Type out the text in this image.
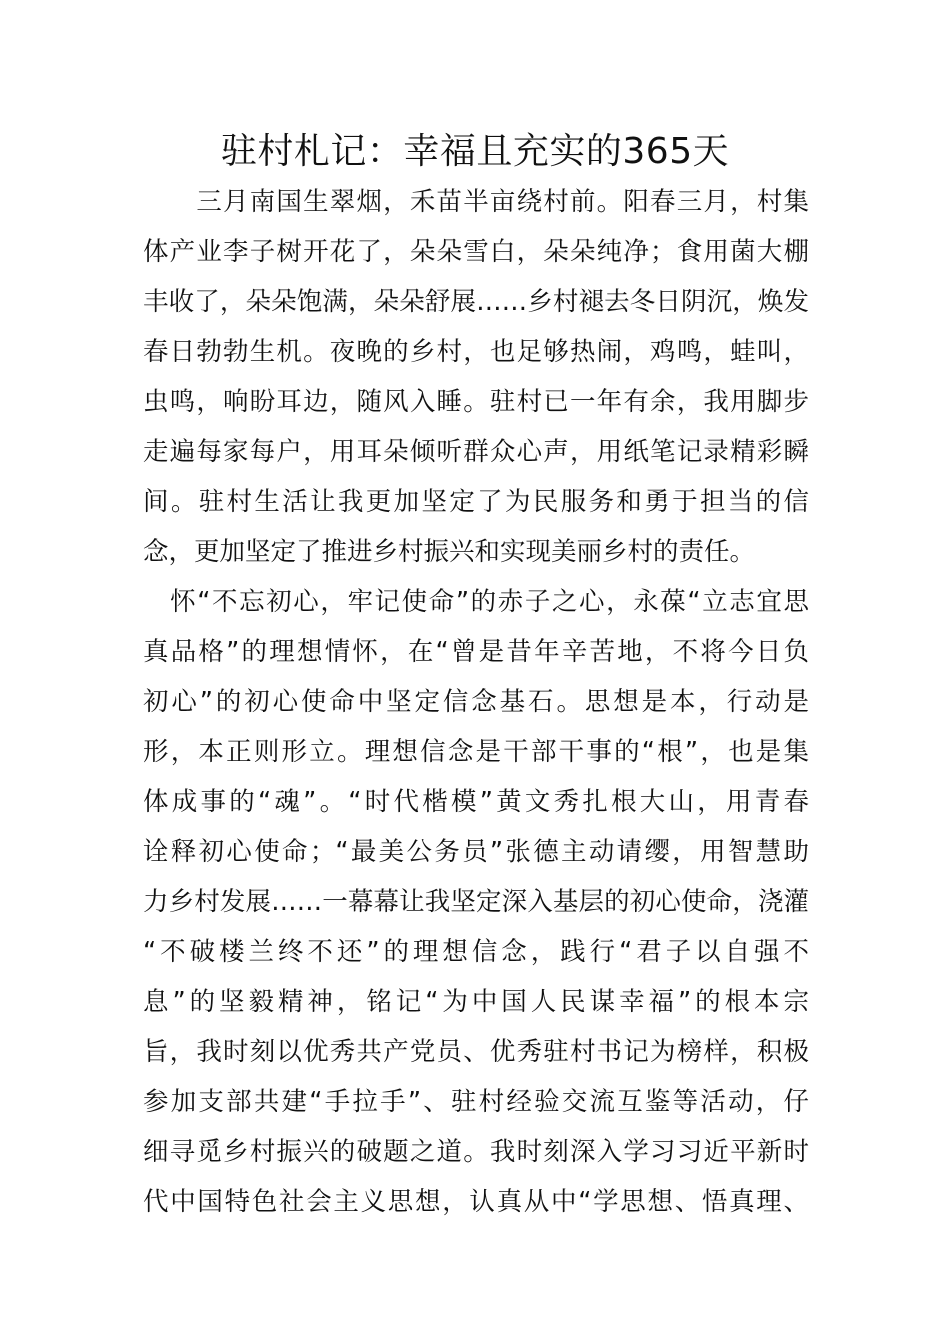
驻村札记：幸福且充实的365天
　　三月南国生翠烟，禾苗半亩绕村前。阳春三月，村集
体产业李子树开花了，朵朵雪白，朵朵纯净；食用菌大棚
丰收了，朵朵饱满，朵朵舒展……乡村褪去冬日阴沉，焕发
春日勃勃生机。夜晚的乡村，也足够热闹，鸡鸣，蛙叫，
虫鸣，响盼耳边，随风入睡。驻村已一年有余，我用脚步
走遍每家每户，用耳朵倾听群众心声，用纸笔记录精彩瞬
间。驻村生活让我更加坚定了为民服务和勇于担当的信
念，更加坚定了推进乡村振兴和实现美丽乡村的责任。
　怀“不忘初心，牢记使命”的赤子之心，永葆“立志宜思
真品格”的理想情怀，在“曾是昔年辛苦地，不将今日负
初心”的初心使命中坚定信念基石。思想是本，行动是
形，本正则形立。理想信念是干部干事的“根”，也是集
体成事的“魂”。“时代楷模”黄文秀扎根大山，用青春
诠释初心使命；“最美公务员”张德主动请缨，用智慧助
力乡村发展……一幕幕让我坚定深入基层的初心使命，浇灌
“不破楼兰终不还”的理想信念，践行“君子以自强不
息”的坚毅精神，铭记“为中国人民谋幸福”的根本宗
旨，我时刻以优秀共产党员、优秀驻村书记为榜样，积极
参加支部共建“手拉手”、驻村经验交流互鉴等活动，仔
细寻觅乡村振兴的破题之道。我时刻深入学习习近平新时
代中国特色社会主义思想，认真从中“学思想、悟真理、
